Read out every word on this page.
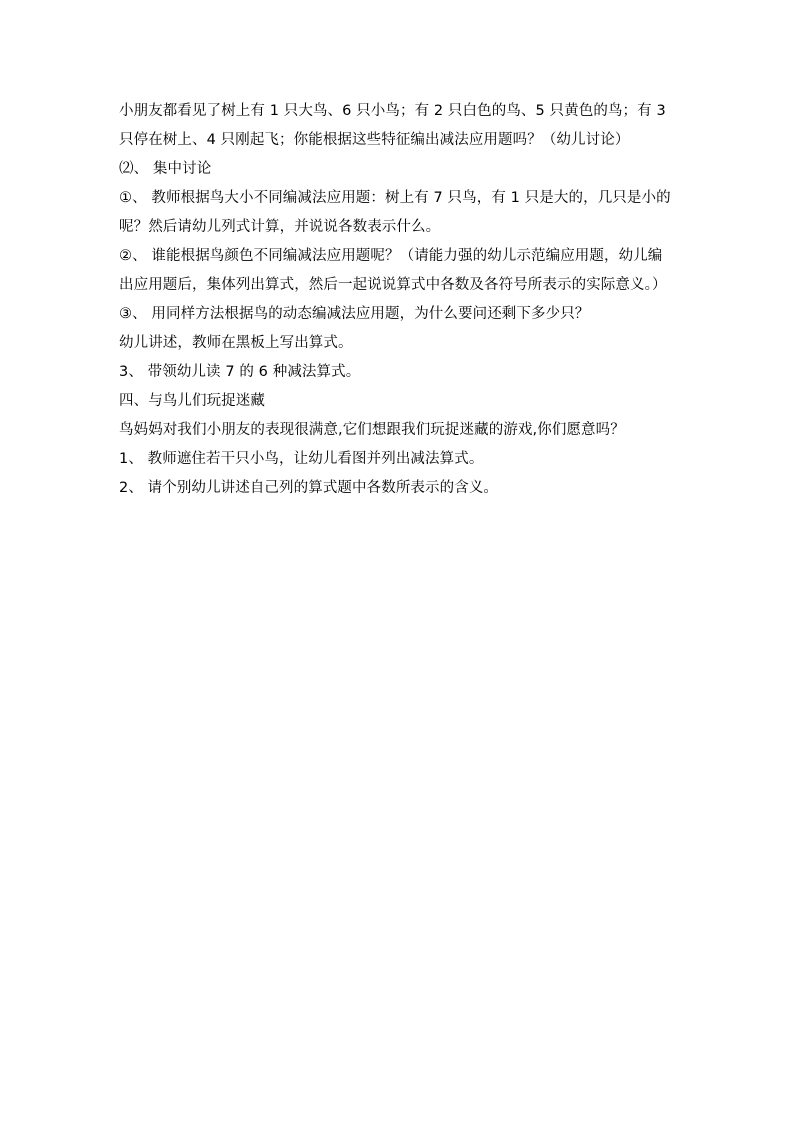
小朋友都看见了树上有 1 只大鸟、6 只小鸟；有 2 只白色的鸟、5 只黄色的鸟；有 3 只停在树上、4 只刚起飞；你能根据这些特征编出减法应用题吗？（幼儿讨论）

⑵、 集中讨论

①、 教师根据鸟大小不同编减法应用题：树上有 7 只鸟，有 1 只是大的，几只是小的呢？然后请幼儿列式计算，并说说各数表示什么。

②、 谁能根据鸟颜色不同编减法应用题呢？（请能力强的幼儿示范编应用题，幼儿编出应用题后，集体列出算式，然后一起说说算式中各数及各符号所表示的实际意义。）

③、 用同样方法根据鸟的动态编减法应用题，为什么要问还剩下多少只？

幼儿讲述，教师在黑板上写出算式。

3、 带领幼儿读 7 的 6 种减法算式。

四、与鸟儿们玩捉迷藏

鸟妈妈对我们小朋友的表现很满意,它们想跟我们玩捉迷藏的游戏,你们愿意吗？

1、 教师遮住若干只小鸟，让幼儿看图并列出减法算式。

2、 请个别幼儿讲述自己列的算式题中各数所表示的含义。
